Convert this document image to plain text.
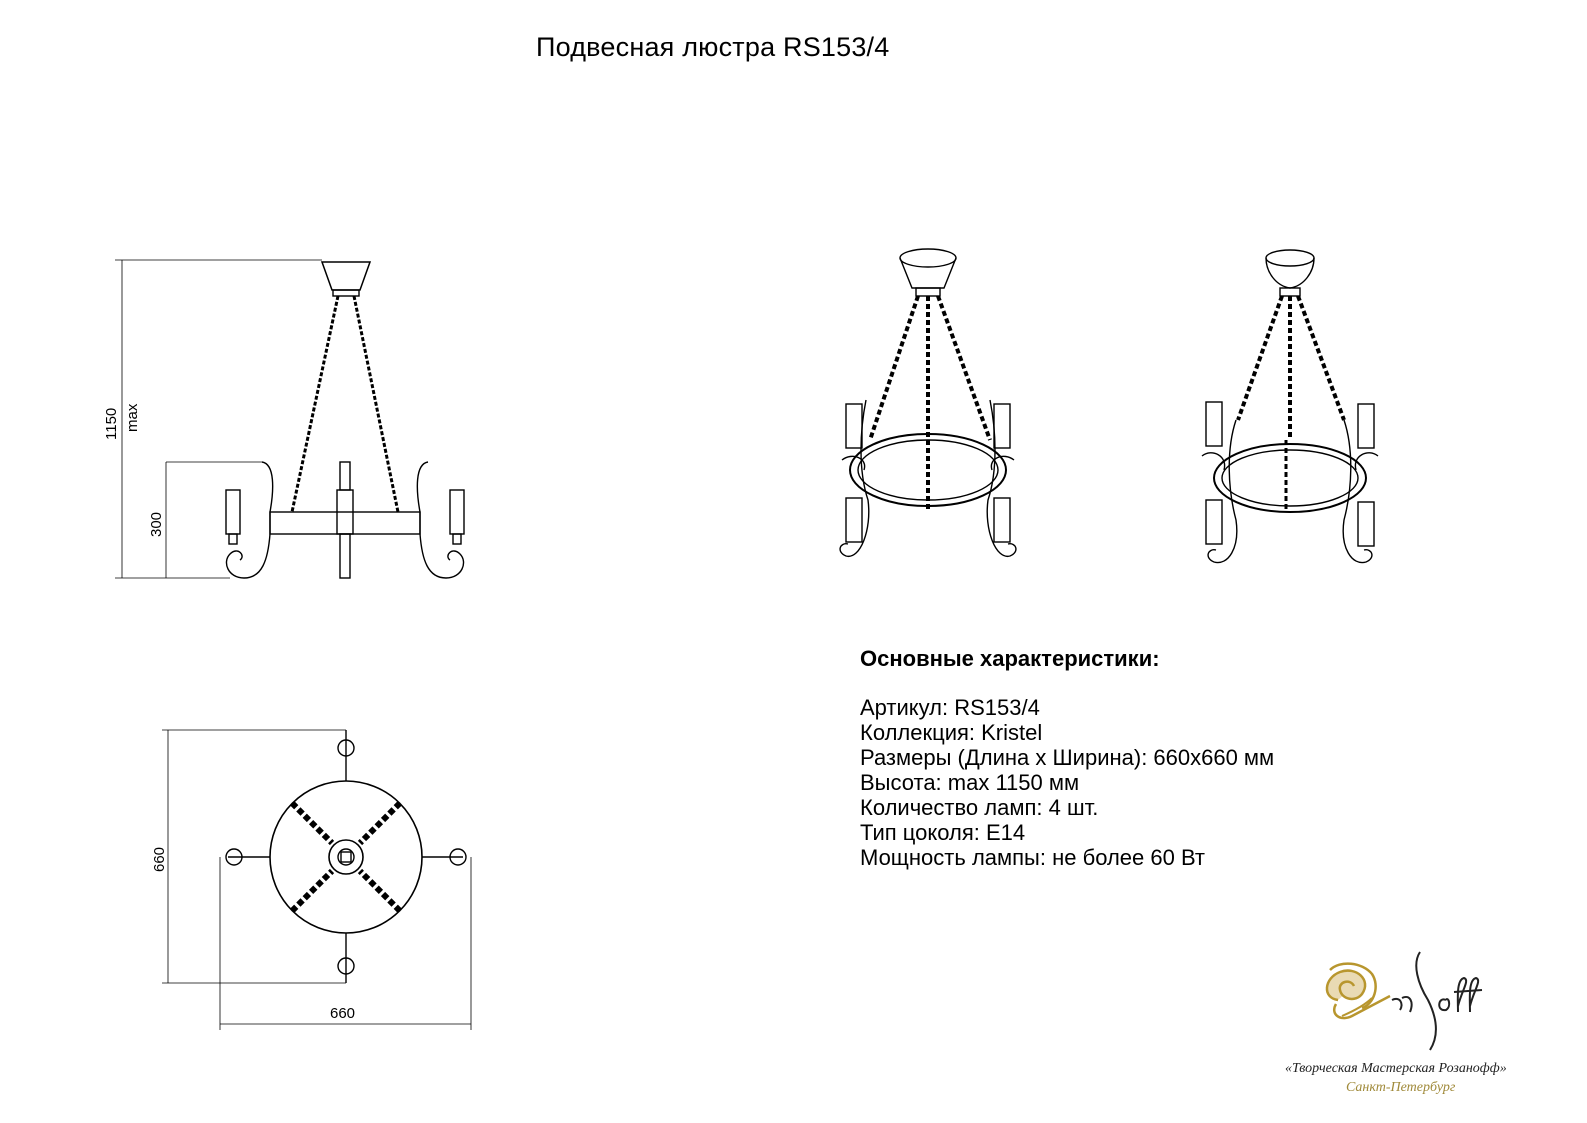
Подвесная люстра RS153/4
1150 max
300
660
660
Основные характеристики:
Артикул: RS153/4
Коллекция: Kristel
Размеры (Длина х Ширина): 660х660 мм
Высота: max 1150 мм
Количество ламп: 4 шт.
Тип цоколя: E14
Мощность лампы: не более 60 Вт
«Творческая Мастерская Розанофф»
Санкт-Петербург
